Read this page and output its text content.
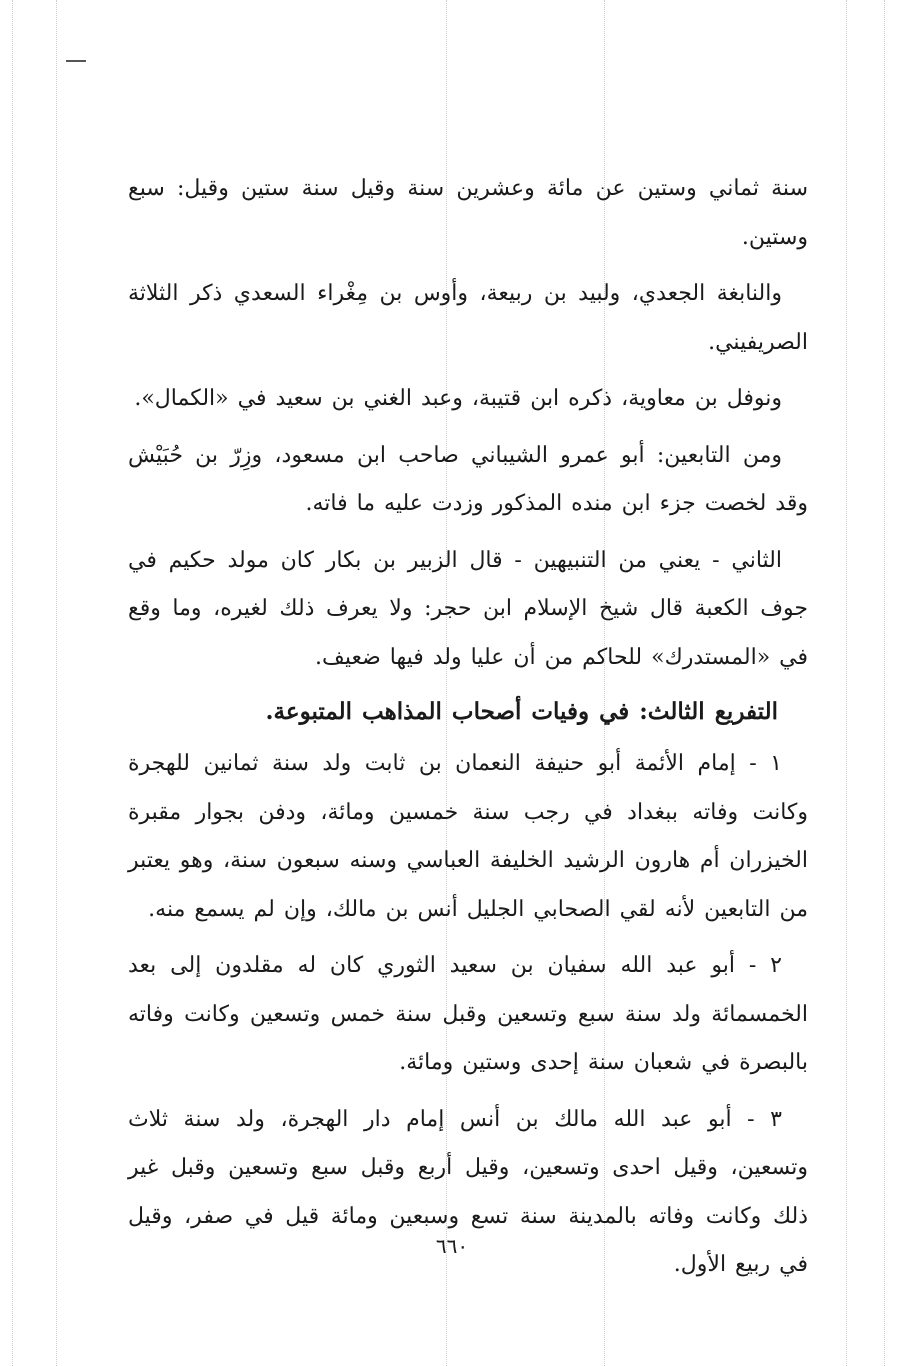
سنة ثماني وستين عن مائة وعشرين سنة وقيل سنة ستين وقيل: سبع وستين.

والنابغة الجعدي، ولبيد بن ربيعة، وأوس بن مِغْراء السعدي ذكر الثلاثة الصريفيني.

ونوفل بن معاوية، ذكره ابن قتيبة، وعبد الغني بن سعيد في «الكمال».

ومن التابعين: أبو عمرو الشيباني صاحب ابن مسعود، وزِرّ بن حُبَيْش وقد لخصت جزء ابن منده المذكور وزدت عليه ما فاته.

الثاني - يعني من التنبيهين - قال الزبير بن بكار كان مولد حكيم في جوف الكعبة قال شيخ الإسلام ابن حجر: ولا يعرف ذلك لغيره، وما وقع في «المستدرك» للحاكم من أن عليا ولد فيها ضعيف.

التفريع الثالث: في وفيات أصحاب المذاهب المتبوعة.

١ - إمام الأئمة أبو حنيفة النعمان بن ثابت ولد سنة ثمانين للهجرة وكانت وفاته ببغداد في رجب سنة خمسين ومائة، ودفن بجوار مقبرة الخيزران أم هارون الرشيد الخليفة العباسي وسنه سبعون سنة، وهو يعتبر من التابعين لأنه لقي الصحابي الجليل أنس بن مالك، وإن لم يسمع منه.

٢ - أبو عبد الله سفيان بن سعيد الثوري كان له مقلدون إلى بعد الخمسمائة ولد سنة سبع وتسعين وقبل سنة خمس وتسعين وكانت وفاته بالبصرة في شعبان سنة إحدى وستين ومائة.

٣ - أبو عبد الله مالك بن أنس إمام دار الهجرة، ولد سنة ثلاث وتسعين، وقيل احدى وتسعين، وقيل أربع وقبل سبع وتسعين وقبل غير ذلك وكانت وفاته بالمدينة سنة تسع وسبعين ومائة قيل في صفر، وقيل في ربيع الأول.

٦٦٠
